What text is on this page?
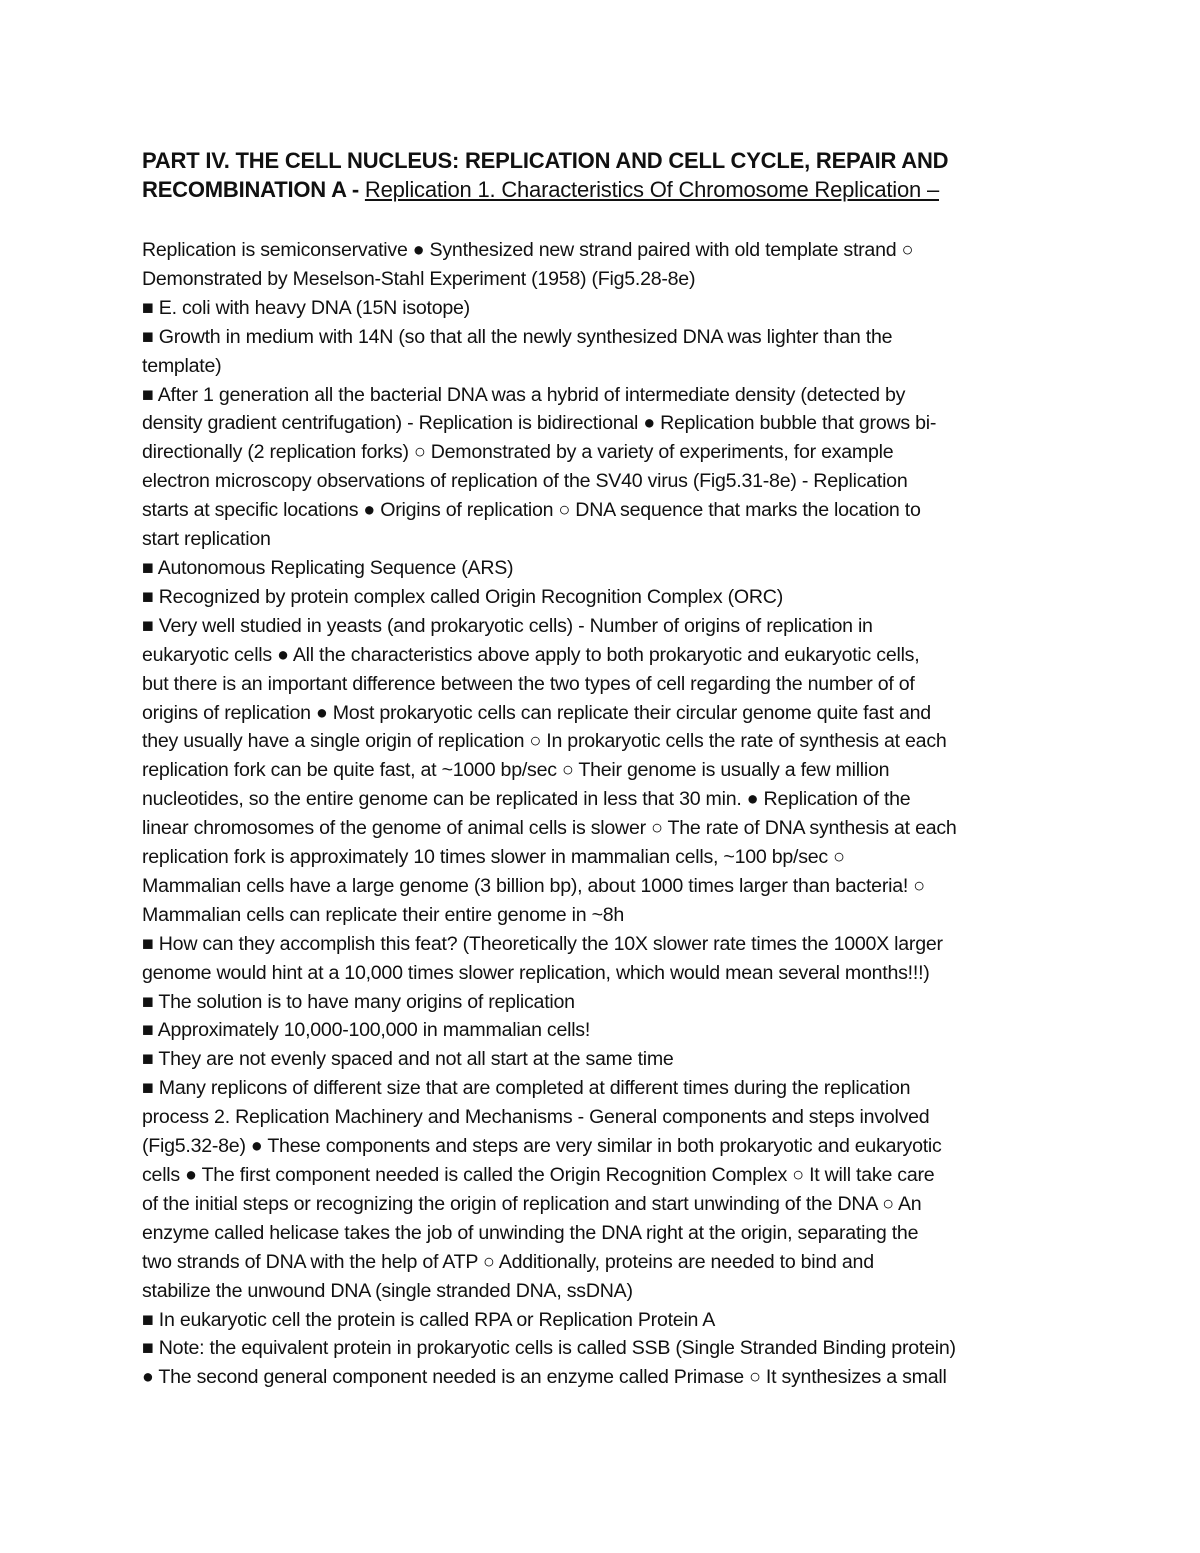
PART IV. THE CELL NUCLEUS: REPLICATION AND CELL CYCLE, REPAIR AND
RECOMBINATION A - Replication 1. Characteristics Of Chromosome Replication –
Replication is semiconservative ● Synthesized new strand paired with old template strand ○
Demonstrated by Meselson-Stahl Experiment (1958) (Fig5.28-8e)
■ E. coli with heavy DNA (15N isotope)
■ Growth in medium with 14N (so that all the newly synthesized DNA was lighter than the
template)
■ After 1 generation all the bacterial DNA was a hybrid of intermediate density (detected by
density gradient centrifugation) - Replication is bidirectional ● Replication bubble that grows bi-
directionally (2 replication forks) ○ Demonstrated by a variety of experiments, for example
electron microscopy observations of replication of the SV40 virus (Fig5.31-8e) - Replication
starts at specific locations ● Origins of replication ○ DNA sequence that marks the location to
start replication
■ Autonomous Replicating Sequence (ARS)
■ Recognized by protein complex called Origin Recognition Complex (ORC)
■ Very well studied in yeasts (and prokaryotic cells) - Number of origins of replication in
eukaryotic cells ● All the characteristics above apply to both prokaryotic and eukaryotic cells,
but there is an important difference between the two types of cell regarding the number of of
origins of replication ● Most prokaryotic cells can replicate their circular genome quite fast and
they usually have a single origin of replication ○ In prokaryotic cells the rate of synthesis at each
replication fork can be quite fast, at ~1000 bp/sec ○ Their genome is usually a few million
nucleotides, so the entire genome can be replicated in less that 30 min. ● Replication of the
linear chromosomes of the genome of animal cells is slower ○ The rate of DNA synthesis at each
replication fork is approximately 10 times slower in mammalian cells, ~100 bp/sec ○
Mammalian cells have a large genome (3 billion bp), about 1000 times larger than bacteria! ○
Mammalian cells can replicate their entire genome in ~8h
■ How can they accomplish this feat? (Theoretically the 10X slower rate times the 1000X larger
genome would hint at a 10,000 times slower replication, which would mean several months!!!)
■ The solution is to have many origins of replication
■ Approximately 10,000-100,000 in mammalian cells!
■ They are not evenly spaced and not all start at the same time
■ Many replicons of different size that are completed at different times during the replication
process 2. Replication Machinery and Mechanisms - General components and steps involved
(Fig5.32-8e) ● These components and steps are very similar in both prokaryotic and eukaryotic
cells ● The first component needed is called the Origin Recognition Complex ○ It will take care
of the initial steps or recognizing the origin of replication and start unwinding of the DNA ○ An
enzyme called helicase takes the job of unwinding the DNA right at the origin, separating the
two strands of DNA with the help of ATP ○ Additionally, proteins are needed to bind and
stabilize the unwound DNA (single stranded DNA, ssDNA)
■ In eukaryotic cell the protein is called RPA or Replication Protein A
■ Note: the equivalent protein in prokaryotic cells is called SSB (Single Stranded Binding protein)
● The second general component needed is an enzyme called Primase ○ It synthesizes a small
